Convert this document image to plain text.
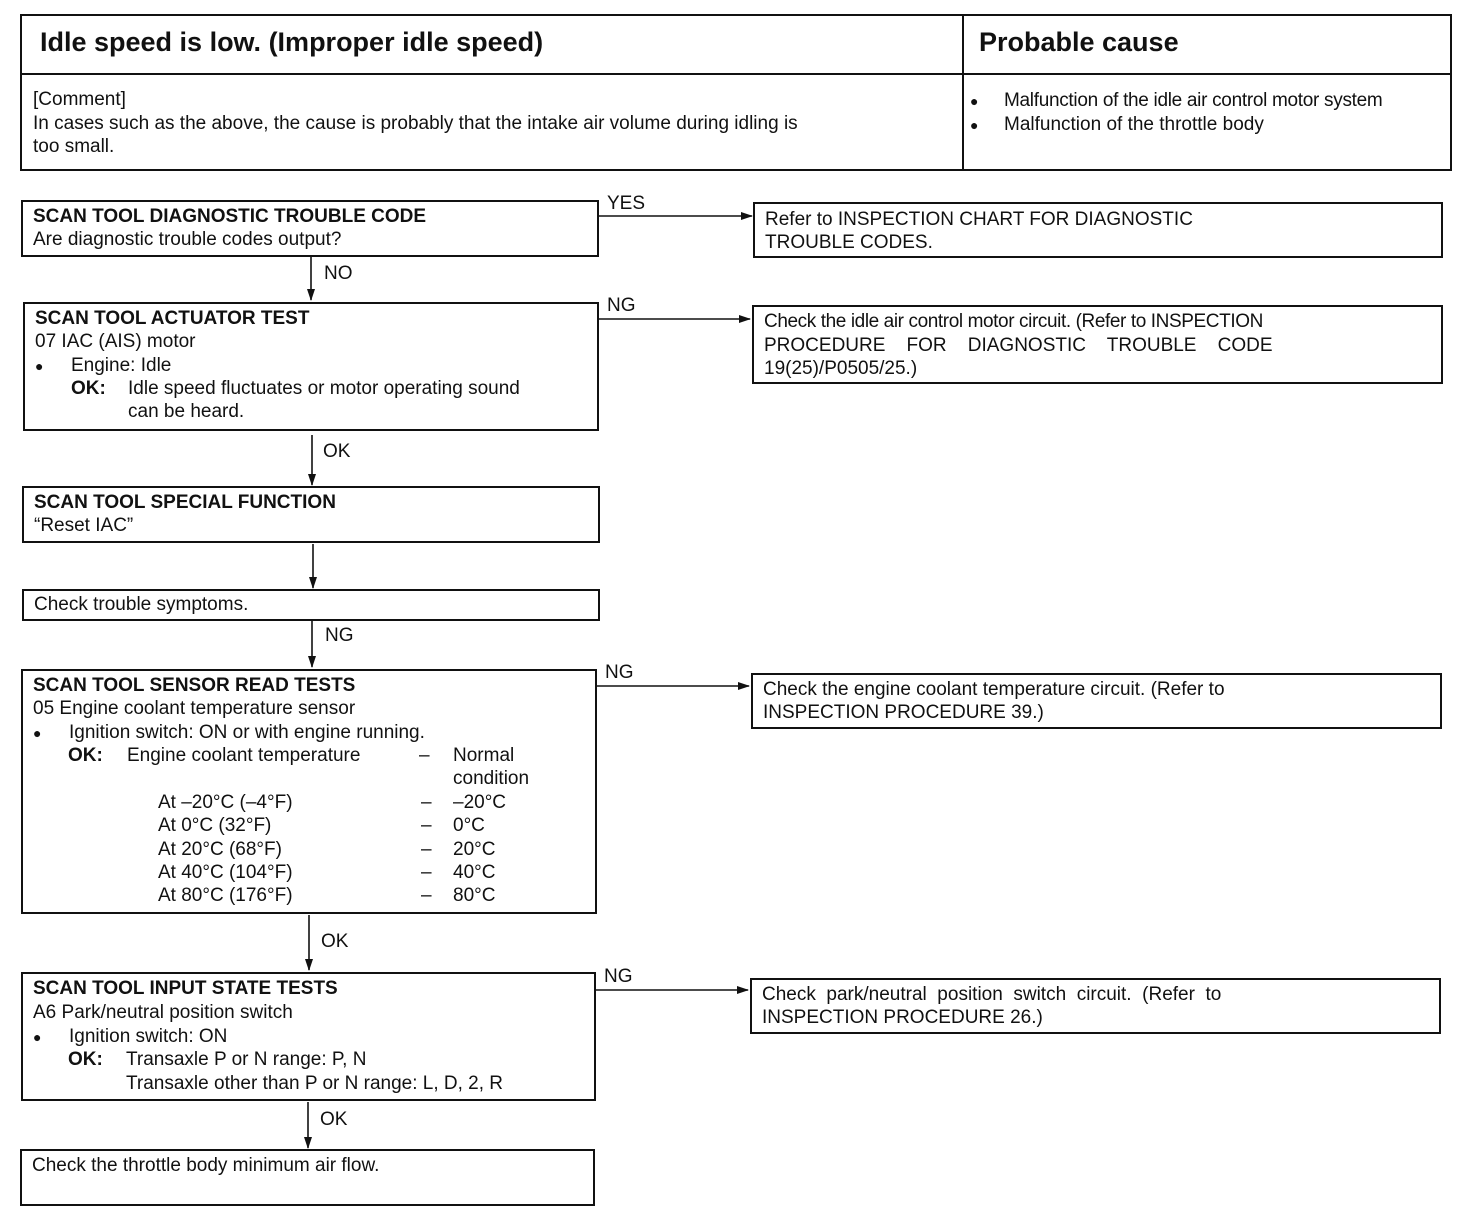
Idle speed is low. (Improper idle speed)	Probable cause
[Comment]
In cases such as the above, the cause is probably that the intake air volume during idling is
too small.
● Malfunction of the idle air control motor system
● Malfunction of the throttle body
YES
NO
NG
OK
NG
NG
OK
NG
OK
SCAN TOOL DIAGNOSTIC TROUBLE CODE
Are diagnostic trouble codes output?
SCAN TOOL ACTUATOR TEST
07 IAC (AIS) motor
● Engine: Idle
OK: Idle speed fluctuates or motor operating sound
can be heard.
SCAN TOOL SPECIAL FUNCTION
“Reset IAC”
Check trouble symptoms.
SCAN TOOL SENSOR READ TESTS
05 Engine coolant temperature sensor
● Ignition switch: ON or with engine running.
OK: Engine coolant temperature	– Normal
condition
At –20°C (–4°F)	– –20°C
At 0°C (32°F)	– 0°C
At 20°C (68°F)	– 20°C
At 40°C (104°F)	– 40°C
At 80°C (176°F)	– 80°C
SCAN TOOL INPUT STATE TESTS
A6 Park/neutral position switch
● Ignition switch: ON
OK: Transaxle P or N range: P, N
Transaxle other than P or N range: L, D, 2, R
Check the throttle body minimum air flow.
Refer to INSPECTION CHART FOR DIAGNOSTIC
TROUBLE CODES.
Check the idle air control motor circuit. (Refer to INSPECTION
PROCEDURE    FOR    DIAGNOSTIC    TROUBLE    CODE
19(25)/P0505/25.)
Check the engine coolant temperature circuit. (Refer to
INSPECTION PROCEDURE 39.)
Check  park/neutral  position  switch  circuit.  (Refer  to
INSPECTION PROCEDURE 26.)
